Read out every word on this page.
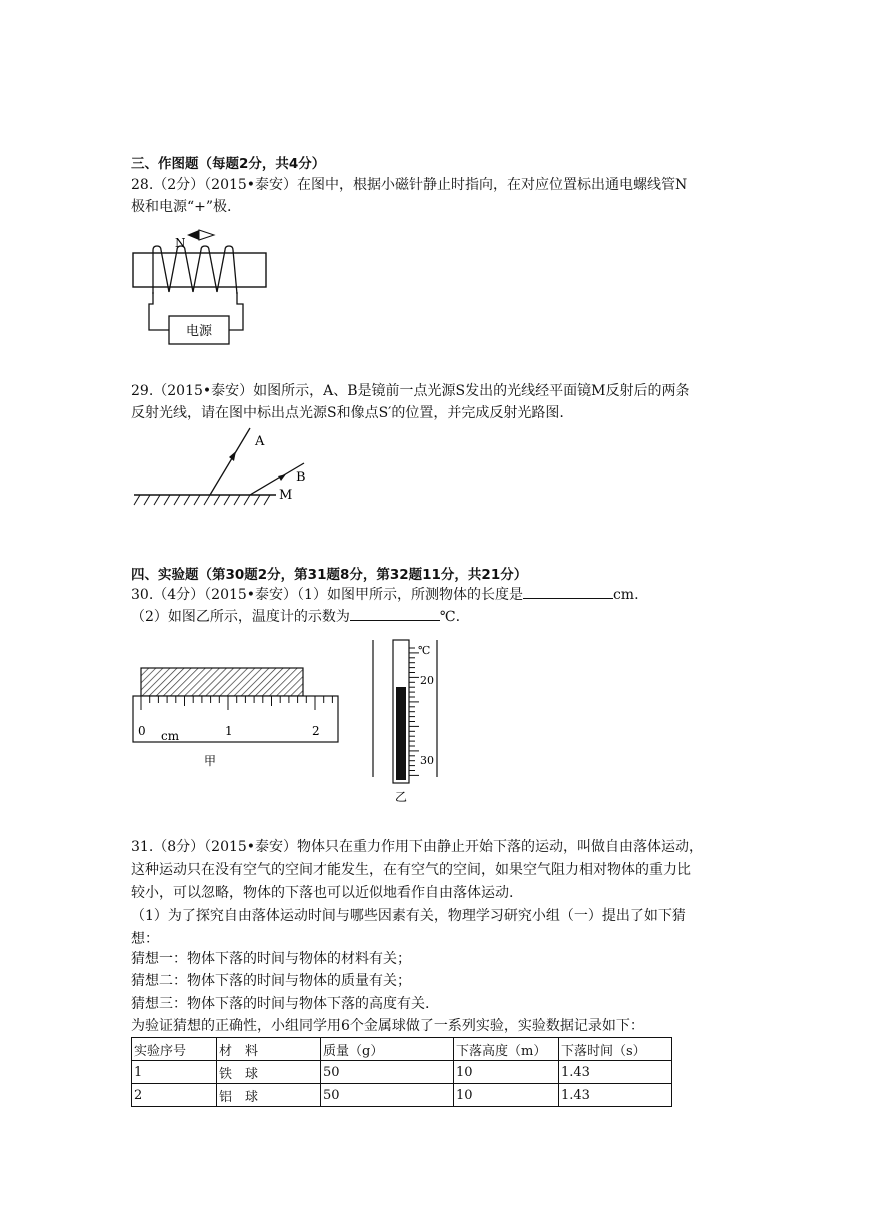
三、作图题（每题2分，共4分）
28.（2分）（2015•泰安）在图中，根据小磁针静止时指向，在对应位置标出通电螺线管N
极和电源“+”极.
电源
N
29.（2015•泰安）如图所示，A、B是镜前一点光源S发出的光线经平面镜M反射后的两条
反射光线，请在图中标出点光源S和像点S′的位置，并完成反射光路图.
A
B
M
四、实验题（第30题2分，第31题8分，第32题11分，共21分）
30.（4分）（2015•泰安）（1）如图甲所示，所测物体的长度是	cm.
（2）如图乙所示，温度计的示数为	℃.
0	1	2
cm
甲
℃
20
30
乙
31.（8分）（2015•泰安）物体只在重力作用下由静止开始下落的运动，叫做自由落体运动，
这种运动只在没有空气的空间才能发生，在有空气的空间，如果空气阻力相对物体的重力比
较小，可以忽略，物体的下落也可以近似地看作自由落体运动.
（1）为了探究自由落体运动时间与哪些因素有关，物理学习研究小组（一）提出了如下猜
想：
猜想一：物体下落的时间与物体的材料有关；
猜想二：物体下落的时间与物体的质量有关；
猜想三：物体下落的时间与物体下落的高度有关.
为验证猜想的正确性，小组同学用6个金属球做了一系列实验，实验数据记录如下：
实验序号	材　料	质量（g）	下落高度（m）	下落时间（s）
1	铁　球	50	10	1.43
2	铝　球	50	10	1.43
